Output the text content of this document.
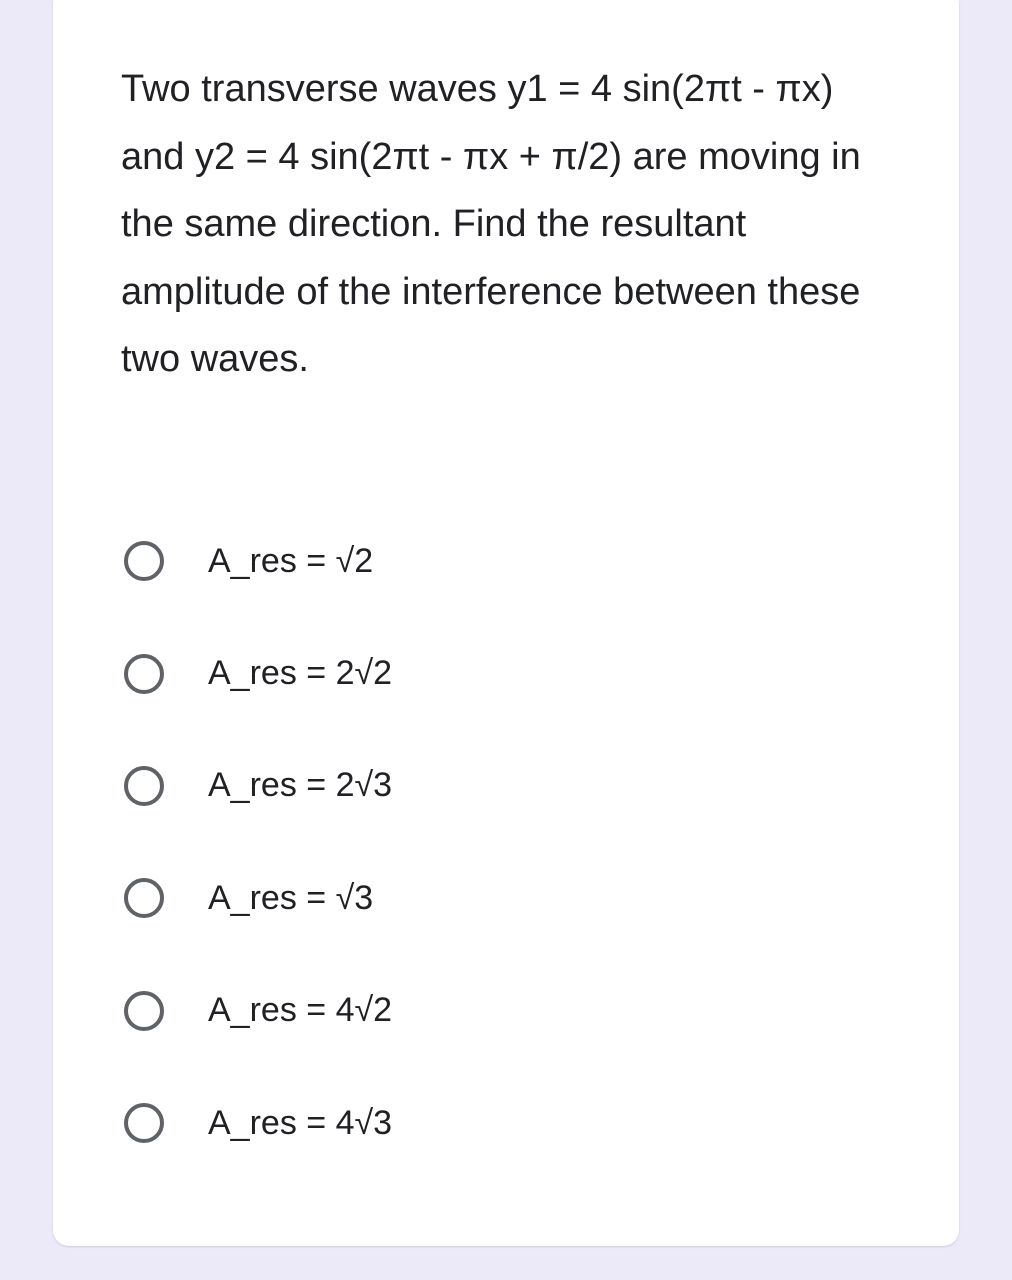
Two transverse waves y1 = 4 sin(2πt - πx) and y2 = 4 sin(2πt - πx + π/2) are moving in the same direction. Find the resultant amplitude of the interference between these two waves.

A_res = √2
A_res = 2√2
A_res = 2√3
A_res = √3
A_res = 4√2
A_res = 4√3
